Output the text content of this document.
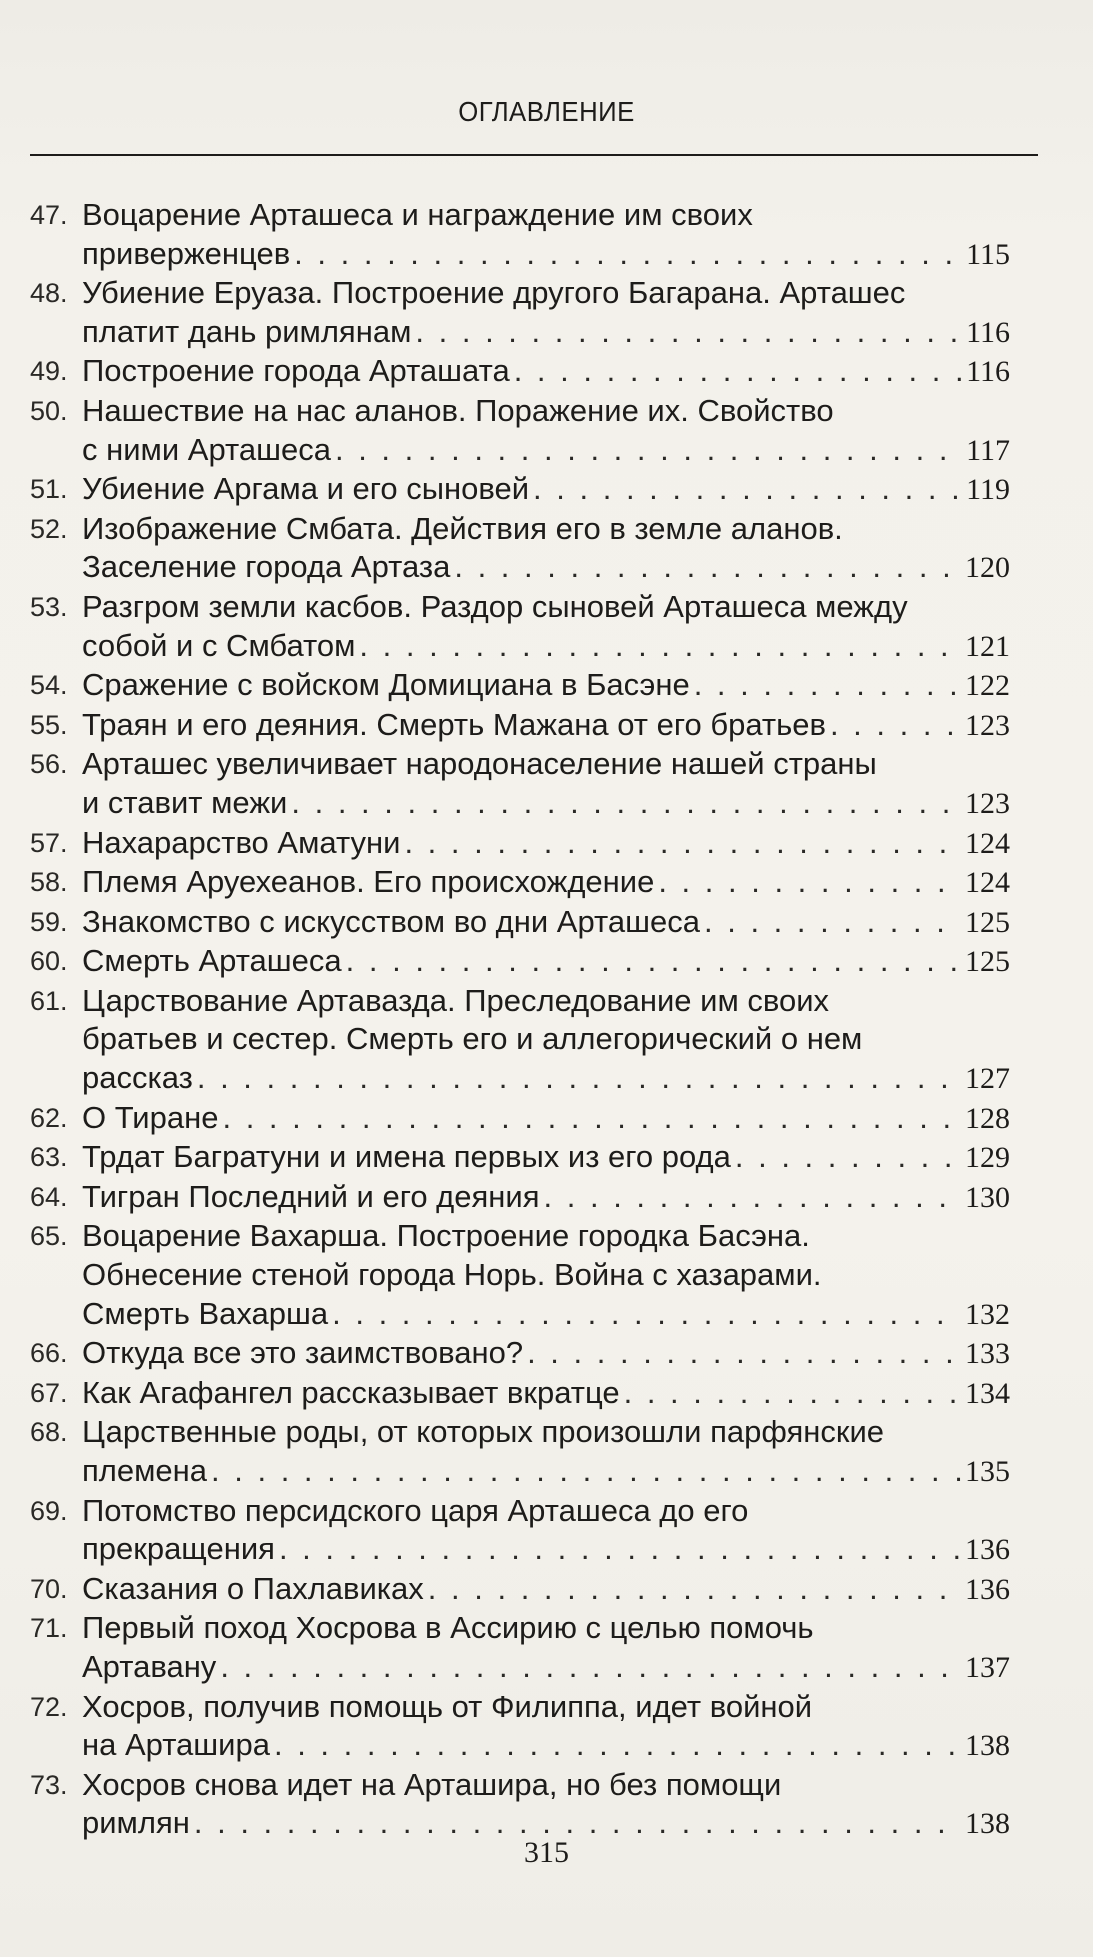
ОГЛАВЛЕНИЕ
47. Воцарение Арташеса и награждение им своих
приверженцев . . .	115
48. Убиение Еруаза. Построение другого Багарана. Арташес
платит дань римлянам . . .	116
49. Построение города Арташата . . .	116
50. Нашествие на нас аланов. Поражение их. Свойство
с ними Арташеса . . .	117
51. Убиение Аргама и его сыновей . . .	119
52. Изображение Смбата. Действия его в земле аланов.
Заселение города Артаза . . .	120
53. Разгром земли касбов. Раздор сыновей Арташеса между
собой и с Смбатом . . .	121
54. Сражение с войском Домициана в Басэне . . .	122
55. Траян и его деяния. Смерть Мажана от его братьев . . .	123
56. Арташес увеличивает народонаселение нашей страны
и ставит межи . . .	123
57. Нахарарство Аматуни . . .	124
58. Племя Аруехеанов. Его происхождение . . .	124
59. Знакомство с искусством во дни Арташеса . . .	125
60. Смерть Арташеса . . .	125
61. Царствование Артавазда. Преследование им своих
братьев и сестер. Смерть его и аллегорический о нем
рассказ . . .	127
62. О Тиране . . .	128
63. Трдат Багратуни и имена первых из его рода . . .	129
64. Тигран Последний и его деяния . . .	130
65. Воцарение Вахарша. Построение городка Басэна.
Обнесение стеной города Норь. Война с хазарами.
Смерть Вахарша . . .	132
66. Откуда все это заимствовано? . . .	133
67. Как Агафангел рассказывает вкратце . . .	134
68. Царственные роды, от которых произошли парфянские
племена . . .	135
69. Потомство персидского царя Арташеса до его
прекращения . . .	136
70. Сказания о Пахлавиках . . .	136
71. Первый поход Хосрова в Ассирию с целью помочь
Артавану . . .	137
72. Хосров, получив помощь от Филиппа, идет войной
на Арташира . . .	138
73. Хосров снова идет на Арташира, но без помощи
римлян . . .	138
315
